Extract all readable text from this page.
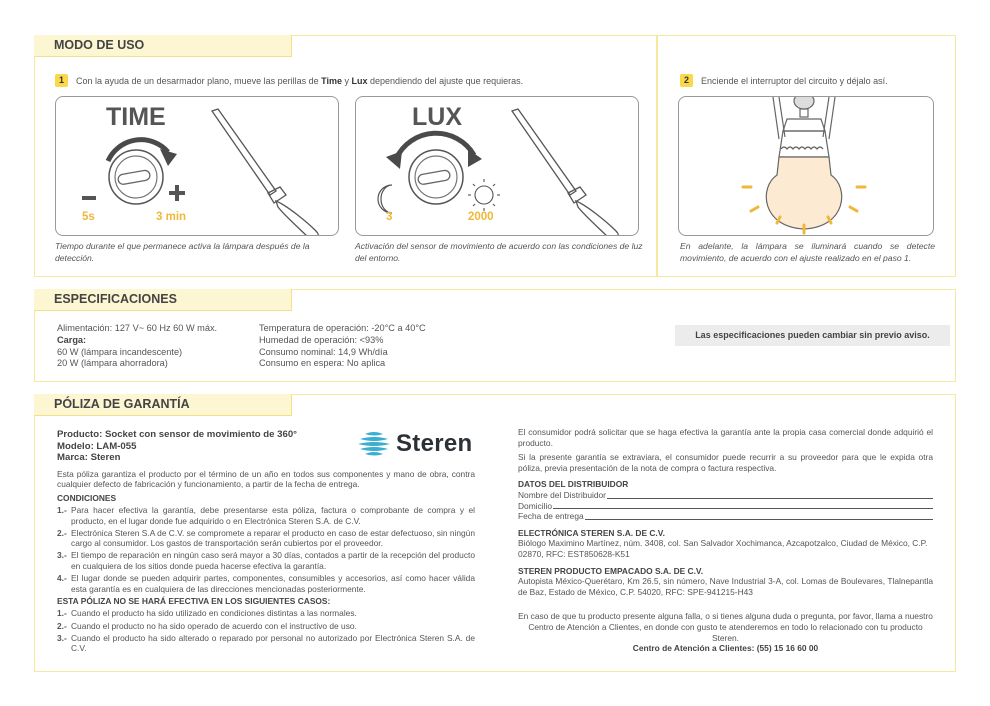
MODO DE USO
1	Con la ayuda de un desarmador plano, mueve las perillas de Time y Lux dependiendo del ajuste que requieras.
TIME
5s	3 min
Tiempo durante el que permanece activa la lámpara después de la detección.
LUX
3	2000
Activación del sensor de movimiento de acuerdo con las condiciones de luz del entorno.
2	Enciende el interruptor del circuito y déjalo así.
En adelante, la lámpara se iluminará cuando se detecte movimiento, de acuerdo con el ajuste realizado en el paso 1.
ESPECIFICACIONES
Alimentación: 127 V~ 60 Hz 60 W máx.
Carga:
60 W (lámpara incandescente)
20 W (lámpara ahorradora)
Temperatura de operación: -20°C a 40°C
Humedad de operación: <93%
Consumo nominal: 14,9 Wh/día
Consumo en espera: No aplica
Las especificaciones pueden cambiar sin previo aviso.
PÓLIZA DE GARANTÍA
Steren
Producto: Socket con sensor de movimiento de 360°
Modelo: LAM-055
Marca: Steren
Esta póliza garantiza el producto por el término de un año en todos sus componentes y mano de obra, contra cualquier defecto de fabricación y funcionamiento, a partir de la fecha de entrega.
CONDICIONES
1.- Para hacer efectiva la garantía, debe presentarse esta póliza, factura o comprobante de compra y el producto, en el lugar donde fue adquirido o en Electrónica Steren S.A. de C.V.
2.- Electrónica Steren S.A de C.V. se compromete a reparar el producto en caso de estar defectuoso, sin ningún cargo al consumidor. Los gastos de transportación serán cubiertos por el proveedor.
3.- El tiempo de reparación en ningún caso será mayor a 30 días, contados a partir de la recepción del producto en cualquiera de los sitios donde pueda hacerse efectiva la garantía.
4.- El lugar donde se pueden adquirir partes, componentes, consumibles y accesorios, así como hacer válida esta garantía es en cualquiera de las direcciones mencionadas posteriormente.
ESTA PÓLIZA NO SE HARÁ EFECTIVA EN LOS SIGUIENTES CASOS:
1.- Cuando el producto ha sido utilizado en condiciones distintas a las normales.
2.- Cuando el producto no ha sido operado de acuerdo con el instructivo de uso.
3.- Cuando el producto ha sido alterado o reparado por personal no autorizado por Electrónica Steren S.A. de C.V.
El consumidor podrá solicitar que se haga efectiva la garantía ante la propia casa comercial donde adquirió el producto.
Si la presente garantía se extraviara, el consumidor puede recurrir a su proveedor para que le expida otra póliza, previa presentación de la nota de compra o factura respectiva.
DATOS DEL DISTRIBUIDOR
Nombre del Distribuidor
Domicilio
Fecha de entrega
ELECTRÓNICA STEREN S.A. DE C.V.
Biólogo Maximino Martínez, núm. 3408, col. San Salvador Xochimanca, Azcapotzalco, Ciudad de México, C.P. 02870, RFC: EST850628-K51
STEREN PRODUCTO EMPACADO S.A. DE C.V.
Autopista México-Querétaro, Km 26.5, sin número, Nave Industrial 3-A, col. Lomas de Boulevares, Tlalnepantla de Baz, Estado de México, C.P. 54020, RFC: SPE-941215-H43
En caso de que tu producto presente alguna falla, o si tienes alguna duda o pregunta, por favor, llama a nuestro Centro de Atención a Clientes, en donde con gusto te atenderemos en todo lo relacionado con tu producto Steren.
Centro de Atención a Clientes: (55) 15 16 60 00
